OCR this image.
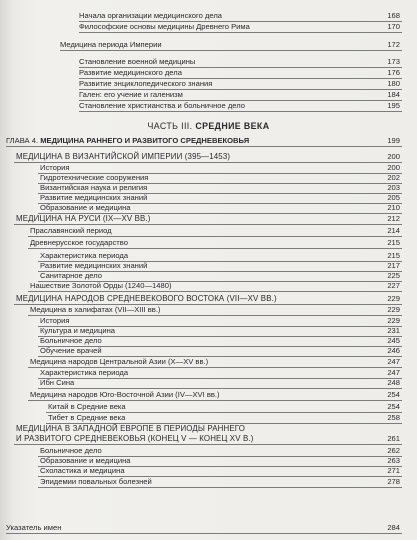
Начала организации медицинского дела	168
Философские основы медицины Древнего Рима	170
Медицина периода Империи	172
Становление военной медицины	173
Развитие медицинского дела	176
Развитие энциклопедического знания	180
Гален: его учение и галенизм	184
Становление христианства и больничное дело	195
ЧАСТЬ III. СРЕДНИЕ ВЕКА
ГЛАВА 4. МЕДИЦИНА РАННЕГО И РАЗВИТОГО СРЕДНЕВЕКОВЬЯ	199
МЕДИЦИНА В ВИЗАНТИЙСКОЙ ИМПЕРИИ (395—1453)	200
История	200
Гидротехнические сооружения	202
Византийская наука и религия	203
Развитие медицинских знаний	205
Образование и медицина	210
МЕДИЦИНА НА РУСИ (IX—XV ВВ.)	212
Праславянский период	214
Древнерусское государство	215
Характеристика периода	215
Развитие медицинских знаний	217
Санитарное дело	225
Нашествие Золотой Орды (1240—1480)	227
МЕДИЦИНА НАРОДОВ СРЕДНЕВЕКОВОГО ВОСТОКА (VII—XV ВВ.)	229
Медицина в халифатах (VII—XIII вв.)	229
История	229
Культура и медицина	231
Больничное дело	245
Обучение врачей	246
Медицина народов Центральной Азии (X—XV вв.)	247
Характеристика периода	247
Ибн Сина	248
Медицина народов Юго-Восточной Азии (IV—XVI вв.)	254
Китай в Средние века	254
Тибет в Средние века	258
МЕДИЦИНА В ЗАПАДНОЙ ЕВРОПЕ В ПЕРИОДЫ РАННЕГО
И РАЗВИТОГО СРЕДНЕВЕКОВЬЯ (КОНЕЦ V — КОНЕЦ XV В.)	261
Больничное дело	262
Образование и медицина	263
Схоластика и медицина	271
Эпидемии повальных болезней	278
Указатель имен	284
